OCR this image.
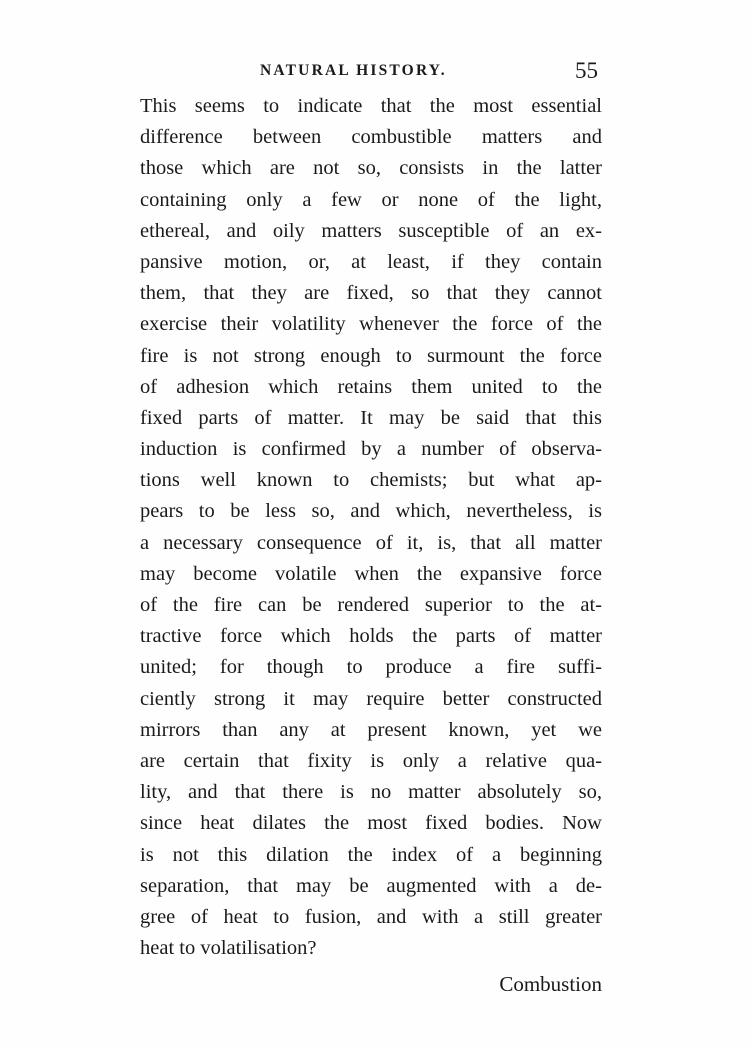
NATURAL HISTORY.	55
This seems to indicate that the most essential
difference between combustible matters and
those which are not so, consists in the latter
containing only a few or none of the light,
ethereal, and oily matters susceptible of an ex-
pansive motion, or, at least, if they contain
them, that they are fixed, so that they cannot
exercise their volatility whenever the force of the
fire is not strong enough to surmount the force
of adhesion which retains them united to the
fixed parts of matter. It may be said that this
induction is confirmed by a number of observa-
tions well known to chemists; but what ap-
pears to be less so, and which, nevertheless, is
a necessary consequence of it, is, that all matter
may become volatile when the expansive force
of the fire can be rendered superior to the at-
tractive force which holds the parts of matter
united; for though to produce a fire suffi-
ciently strong it may require better constructed
mirrors than any at present known, yet we
are certain that fixity is only a relative qua-
lity, and that there is no matter absolutely so,
since heat dilates the most fixed bodies. Now
is not this dilation the index of a beginning
separation, that may be augmented with a de-
gree of heat to fusion, and with a still greater
heat to volatilisation?
Combustion
